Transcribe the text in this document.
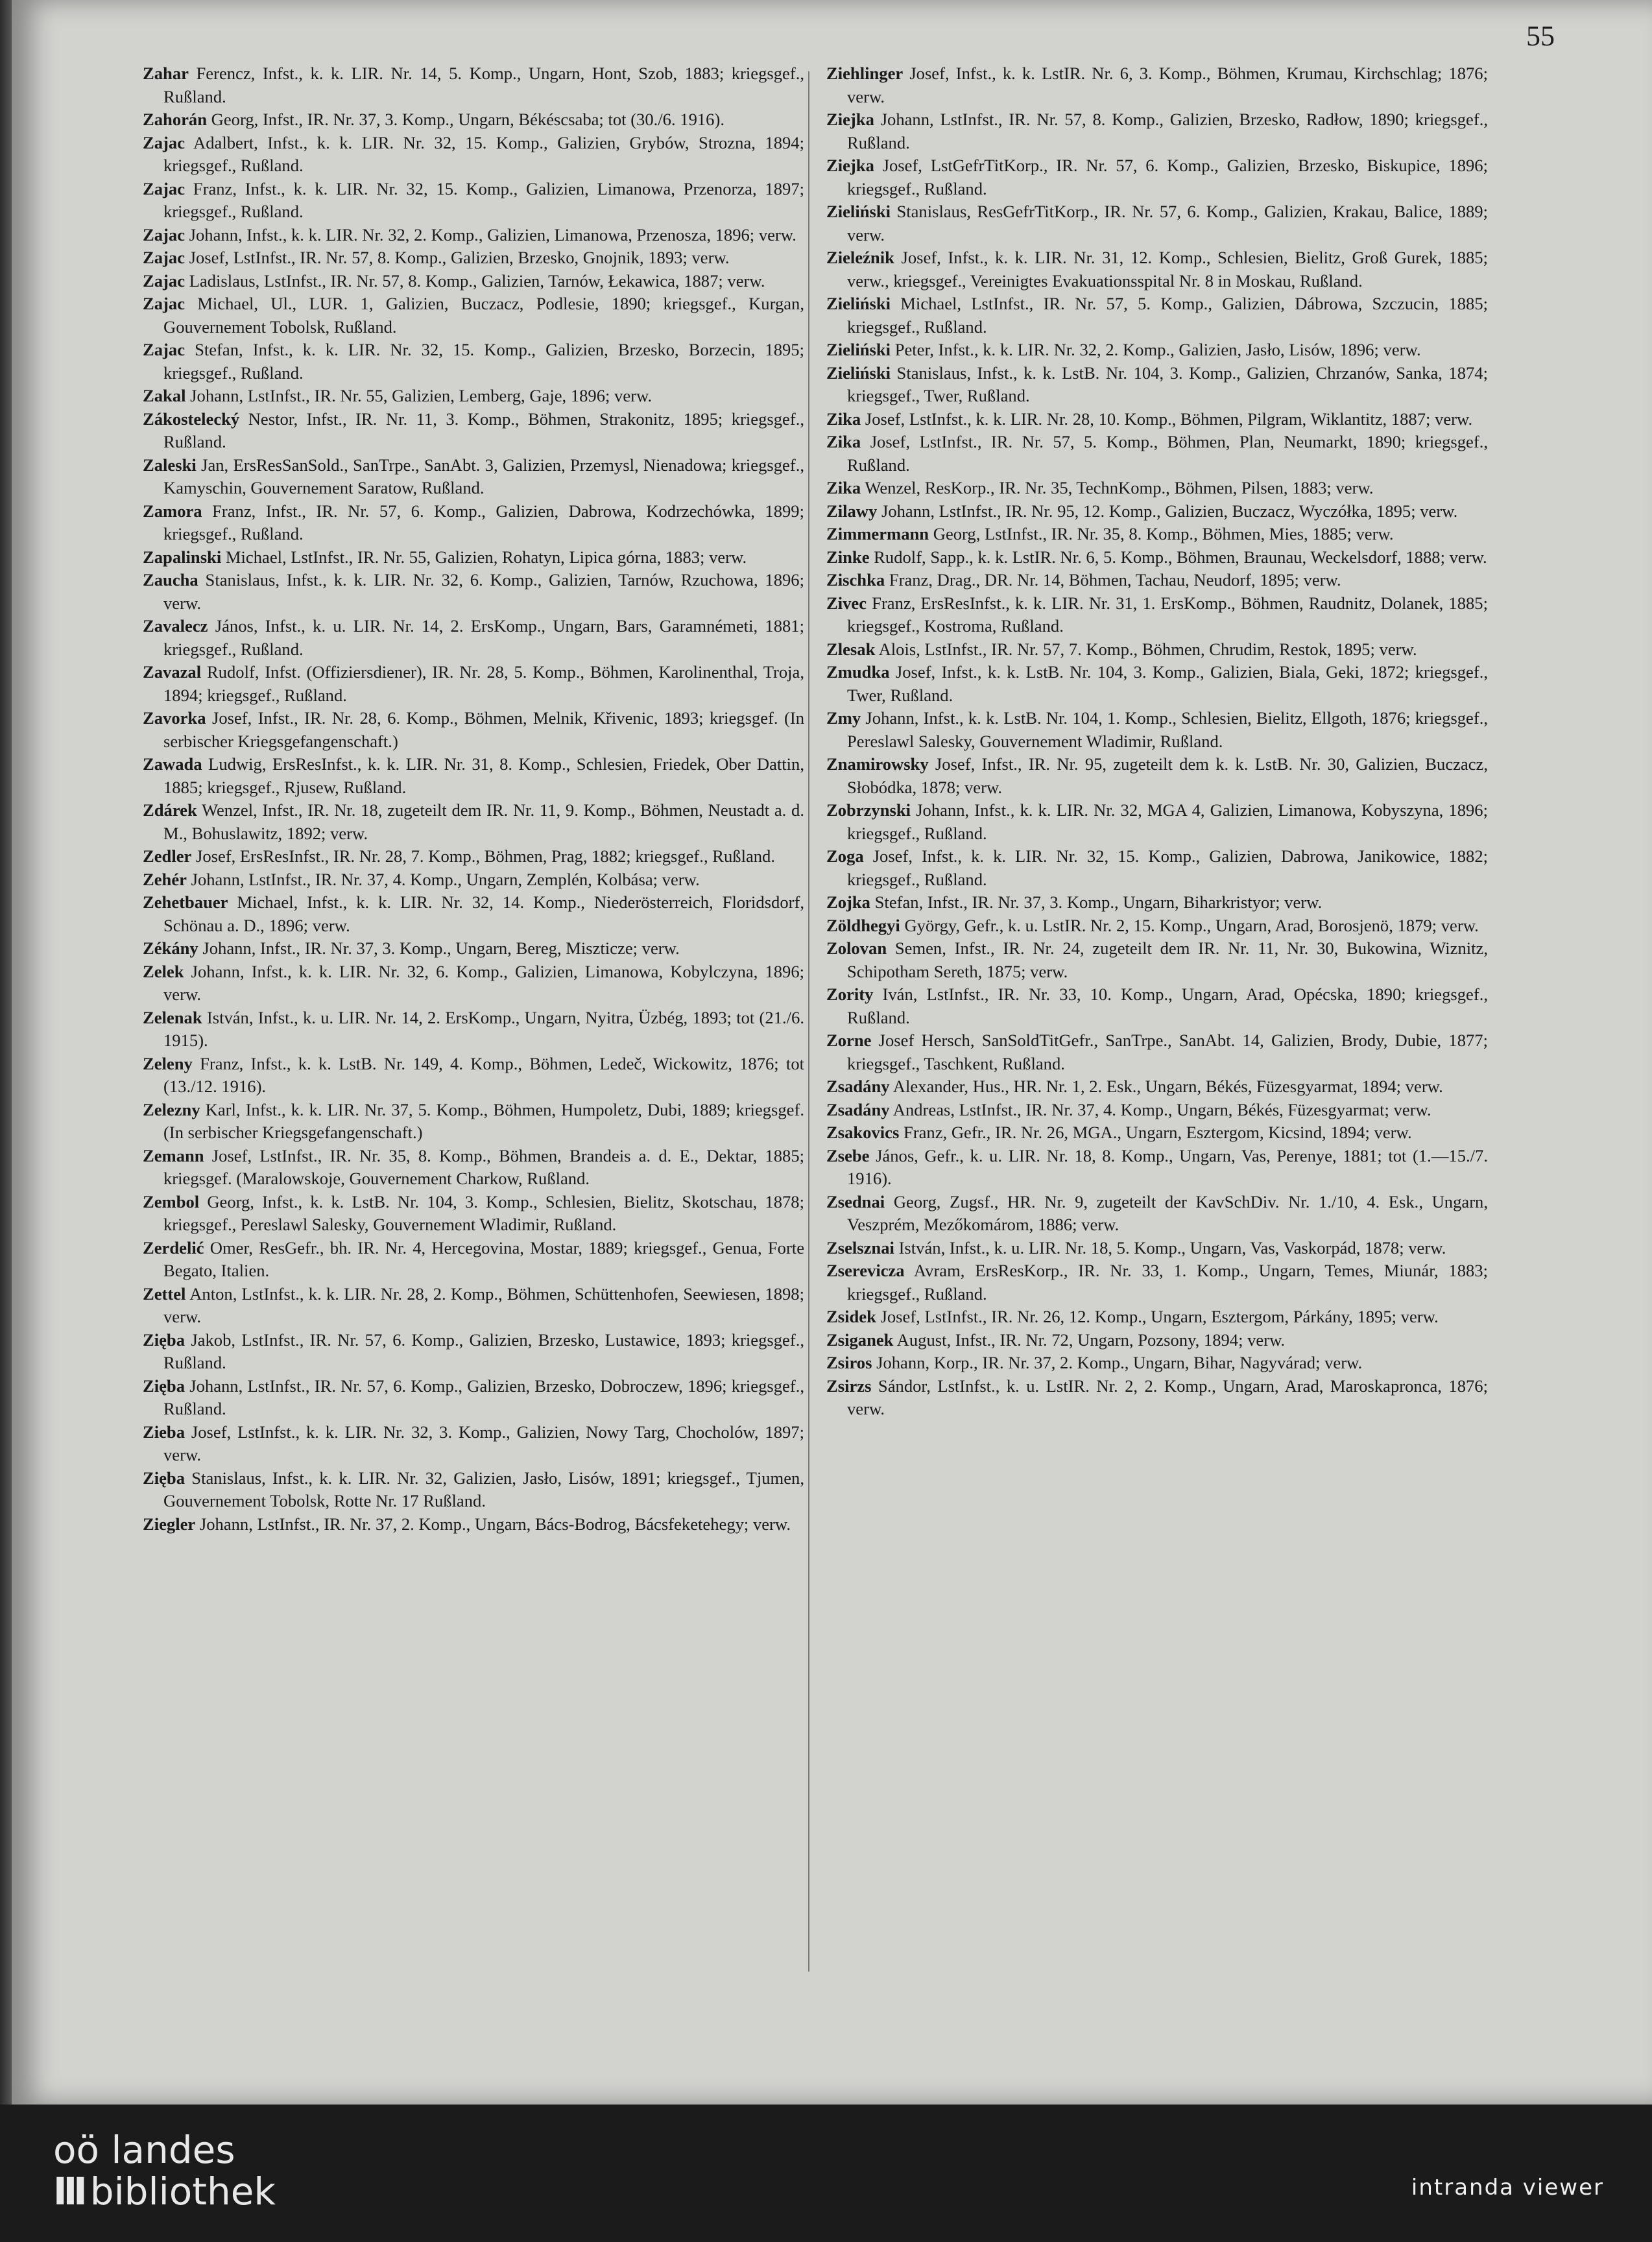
55
Zahar Ferencz, Infst., k. k. LIR. Nr. 14, 5. Komp., Ungarn, Hont, Szob, 1883; kriegsgef., Rußland.
Zahorán Georg, Infst., IR. Nr. 37, 3. Komp., Ungarn, Békéscsaba; tot (30./6. 1916).
Zajac Adalbert, Infst., k. k. LIR. Nr. 32, 15. Komp., Galizien, Grybów, Strozna, 1894; kriegsgef., Rußland.
Zajac Franz, Infst., k. k. LIR. Nr. 32, 15. Komp., Galizien, Limanowa, Przenorza, 1897; kriegsgef., Rußland.
Zajac Johann, Infst., k. k. LIR. Nr. 32, 2. Komp., Galizien, Limanowa, Przenosza, 1896; verw.
Zajac Josef, LstInfst., IR. Nr. 57, 8. Komp., Galizien, Brzesko, Gnojnik, 1893; verw.
Zajac Ladislaus, LstInfst., IR. Nr. 57, 8. Komp., Galizien, Tarnów, Łekawica, 1887; verw.
Zajac Michael, Ul., LUR. 1, Galizien, Buczacz, Podlesie, 1890; kriegsgef., Kurgan, Gouvernement Tobolsk, Rußland.
Zajac Stefan, Infst., k. k. LIR. Nr. 32, 15. Komp., Galizien, Brzesko, Borzecin, 1895; kriegsgef., Rußland.
Zakal Johann, LstInfst., IR. Nr. 55, Galizien, Lemberg, Gaje, 1896; verw.
Zákostelecký Nestor, Infst., IR. Nr. 11, 3. Komp., Böhmen, Strakonitz, 1895; kriegsgef., Rußland.
Zaleski Jan, ErsResSanSold., SanTrpe., SanAbt. 3, Galizien, Przemysl, Nienadowa; kriegsgef., Kamyschin, Gouvernement Saratow, Rußland.
Zamora Franz, Infst., IR. Nr. 57, 6. Komp., Galizien, Dabrowa, Kodrzechówka, 1899; kriegsgef., Rußland.
Zapalinski Michael, LstInfst., IR. Nr. 55, Galizien, Rohatyn, Lipica górna, 1883; verw.
Zaucha Stanislaus, Infst., k. k. LIR. Nr. 32, 6. Komp., Galizien, Tarnów, Rzuchowa, 1896; verw.
Zavalecz János, Infst., k. u. LIR. Nr. 14, 2. ErsKomp., Ungarn, Bars, Garamnémeti, 1881; kriegsgef., Rußland.
Zavazal Rudolf, Infst. (Offiziersdiener), IR. Nr. 28, 5. Komp., Böhmen, Karolinenthal, Troja, 1894; kriegsgef., Rußland.
Zavorka Josef, Infst., IR. Nr. 28, 6. Komp., Böhmen, Melnik, Křivenic, 1893; kriegsgef. (In serbischer Kriegsgefangenschaft.)
Zawada Ludwig, ErsResInfst., k. k. LIR. Nr. 31, 8. Komp., Schlesien, Friedek, Ober Dattin, 1885; kriegsgef., Rjusew, Rußland.
Zdárek Wenzel, Infst., IR. Nr. 18, zugeteilt dem IR. Nr. 11, 9. Komp., Böhmen, Neustadt a. d. M., Bohuslawitz, 1892; verw.
Zedler Josef, ErsResInfst., IR. Nr. 28, 7. Komp., Böhmen, Prag, 1882; kriegsgef., Rußland.
Zehér Johann, LstInfst., IR. Nr. 37, 4. Komp., Ungarn, Zemplén, Kolbása; verw.
Zehetbauer Michael, Infst., k. k. LIR. Nr. 32, 14. Komp., Niederösterreich, Floridsdorf, Schönau a. D., 1896; verw.
Zékány Johann, Infst., IR. Nr. 37, 3. Komp., Ungarn, Bereg, Miszticze; verw.
Zelek Johann, Infst., k. k. LIR. Nr. 32, 6. Komp., Galizien, Limanowa, Kobylczyna, 1896; verw.
Zelenak István, Infst., k. u. LIR. Nr. 14, 2. ErsKomp., Ungarn, Nyitra, Üzbég, 1893; tot (21./6. 1915).
Zeleny Franz, Infst., k. k. LstB. Nr. 149, 4. Komp., Böhmen, Ledeč, Wickowitz, 1876; tot (13./12. 1916).
Zelezny Karl, Infst., k. k. LIR. Nr. 37, 5. Komp., Böhmen, Humpoletz, Dubi, 1889; kriegsgef. (In serbischer Kriegsgefangenschaft.)
Zemann Josef, LstInfst., IR. Nr. 35, 8. Komp., Böhmen, Brandeis a. d. E., Dektar, 1885; kriegsgef. (Maralowskoje, Gouvernement Charkow, Rußland.
Zembol Georg, Infst., k. k. LstB. Nr. 104, 3. Komp., Schlesien, Bielitz, Skotschau, 1878; kriegsgef., Pereslawl Salesky, Gouvernement Wladimir, Rußland.
Zerdelić Omer, ResGefr., bh. IR. Nr. 4, Hercegovina, Mostar, 1889; kriegsgef., Genua, Forte Begato, Italien.
Zettel Anton, LstInfst., k. k. LIR. Nr. 28, 2. Komp., Böhmen, Schüttenhofen, Seewiesen, 1898; verw.
Zięba Jakob, LstInfst., IR. Nr. 57, 6. Komp., Galizien, Brzesko, Lustawice, 1893; kriegsgef., Rußland.
Zięba Johann, LstInfst., IR. Nr. 57, 6. Komp., Galizien, Brzesko, Dobroczew, 1896; kriegsgef., Rußland.
Zieba Josef, LstInfst., k. k. LIR. Nr. 32, 3. Komp., Galizien, Nowy Targ, Chocholów, 1897; verw.
Zięba Stanislaus, Infst., k. k. LIR. Nr. 32, Galizien, Jasło, Lisów, 1891; kriegsgef., Tjumen, Gouvernement Tobolsk, Rotte Nr. 17 Rußland.
Ziegler Johann, LstInfst., IR. Nr. 37, 2. Komp., Ungarn, Bács-Bodrog, Bácsfeketehegy; verw.
Ziehlinger Josef, Infst., k. k. LstIR. Nr. 6, 3. Komp., Böhmen, Krumau, Kirchschlag; 1876; verw.
Ziejka Johann, LstInfst., IR. Nr. 57, 8. Komp., Galizien, Brzesko, Radłow, 1890; kriegsgef., Rußland.
Ziejka Josef, LstGefrTitKorp., IR. Nr. 57, 6. Komp., Galizien, Brzesko, Biskupice, 1896; kriegsgef., Rußland.
Zieliński Stanislaus, ResGefrTitKorp., IR. Nr. 57, 6. Komp., Galizien, Krakau, Balice, 1889; verw.
Zieleźnik Josef, Infst., k. k. LIR. Nr. 31, 12. Komp., Schlesien, Bielitz, Groß Gurek, 1885; verw., kriegsgef., Vereinigtes Evakuationsspital Nr. 8 in Moskau, Rußland.
Zieliński Michael, LstInfst., IR. Nr. 57, 5. Komp., Galizien, Dábrowa, Szczucin, 1885; kriegsgef., Rußland.
Zieliński Peter, Infst., k. k. LIR. Nr. 32, 2. Komp., Galizien, Jasło, Lisów, 1896; verw.
Zieliński Stanislaus, Infst., k. k. LstB. Nr. 104, 3. Komp., Galizien, Chrzanów, Sanka, 1874; kriegsgef., Twer, Rußland.
Zika Josef, LstInfst., k. k. LIR. Nr. 28, 10. Komp., Böhmen, Pilgram, Wiklantitz, 1887; verw.
Zika Josef, LstInfst., IR. Nr. 57, 5. Komp., Böhmen, Plan, Neumarkt, 1890; kriegsgef., Rußland.
Zika Wenzel, ResKorp., IR. Nr. 35, TechnKomp., Böhmen, Pilsen, 1883; verw.
Zilawy Johann, LstInfst., IR. Nr. 95, 12. Komp., Galizien, Buczacz, Wyczółka, 1895; verw.
Zimmermann Georg, LstInfst., IR. Nr. 35, 8. Komp., Böhmen, Mies, 1885; verw.
Zinke Rudolf, Sapp., k. k. LstIR. Nr. 6, 5. Komp., Böhmen, Braunau, Weckelsdorf, 1888; verw.
Zischka Franz, Drag., DR. Nr. 14, Böhmen, Tachau, Neudorf, 1895; verw.
Zivec Franz, ErsResInfst., k. k. LIR. Nr. 31, 1. ErsKomp., Böhmen, Raudnitz, Dolanek, 1885; kriegsgef., Kostroma, Rußland.
Zlesak Alois, LstInfst., IR. Nr. 57, 7. Komp., Böhmen, Chrudim, Restok, 1895; verw.
Zmudka Josef, Infst., k. k. LstB. Nr. 104, 3. Komp., Galizien, Biala, Geki, 1872; kriegsgef., Twer, Rußland.
Zmy Johann, Infst., k. k. LstB. Nr. 104, 1. Komp., Schlesien, Bielitz, Ellgoth, 1876; kriegsgef., Pereslawl Salesky, Gouvernement Wladimir, Rußland.
Znamirowsky Josef, Infst., IR. Nr. 95, zugeteilt dem k. k. LstB. Nr. 30, Galizien, Buczacz, Słobódka, 1878; verw.
Zobrzynski Johann, Infst., k. k. LIR. Nr. 32, MGA 4, Galizien, Limanowa, Kobyszyna, 1896; kriegsgef., Rußland.
Zoga Josef, Infst., k. k. LIR. Nr. 32, 15. Komp., Galizien, Dabrowa, Janikowice, 1882; kriegsgef., Rußland.
Zojka Stefan, Infst., IR. Nr. 37, 3. Komp., Ungarn, Biharkristyor; verw.
Zöldhegyi György, Gefr., k. u. LstIR. Nr. 2, 15. Komp., Ungarn, Arad, Borosjenö, 1879; verw.
Zolovan Semen, Infst., IR. Nr. 24, zugeteilt dem IR. Nr. 11, Nr. 30, Bukowina, Wiznitz, Schipotham Sereth, 1875; verw.
Zority Iván, LstInfst., IR. Nr. 33, 10. Komp., Ungarn, Arad, Opécska, 1890; kriegsgef., Rußland.
Zorne Josef Hersch, SanSoldTitGefr., SanTrpe., SanAbt. 14, Galizien, Brody, Dubie, 1877; kriegsgef., Taschkent, Rußland.
Zsadány Alexander, Hus., HR. Nr. 1, 2. Esk., Ungarn, Békés, Füzesgyarmat, 1894; verw.
Zsadány Andreas, LstInfst., IR. Nr. 37, 4. Komp., Ungarn, Békés, Füzesgyarmat; verw.
Zsakovics Franz, Gefr., IR. Nr. 26, MGA., Ungarn, Esztergom, Kicsind, 1894; verw.
Zsebe János, Gefr., k. u. LIR. Nr. 18, 8. Komp., Ungarn, Vas, Perenye, 1881; tot (1.—15./7. 1916).
Zsednai Georg, Zugsf., HR. Nr. 9, zugeteilt der KavSchDiv. Nr. 1./10, 4. Esk., Ungarn, Veszprém, Mezőkomárom, 1886; verw.
Zselsznai István, Infst., k. u. LIR. Nr. 18, 5. Komp., Ungarn, Vas, Vaskorpád, 1878; verw.
Zserevicza Avram, ErsResKorp., IR. Nr. 33, 1. Komp., Ungarn, Temes, Miunár, 1883; kriegsgef., Rußland.
Zsidek Josef, LstInfst., IR. Nr. 26, 12. Komp., Ungarn, Esztergom, Párkány, 1895; verw.
Zsiganek August, Infst., IR. Nr. 72, Ungarn, Pozsony, 1894; verw.
Zsiros Johann, Korp., IR. Nr. 37, 2. Komp., Ungarn, Bihar, Nagyvárad; verw.
Zsirzs Sándor, LstInfst., k. u. LstIR. Nr. 2, 2. Komp., Ungarn, Arad, Maroskapronca, 1876; verw.
oö landes
III bibliothek	intranda viewer
